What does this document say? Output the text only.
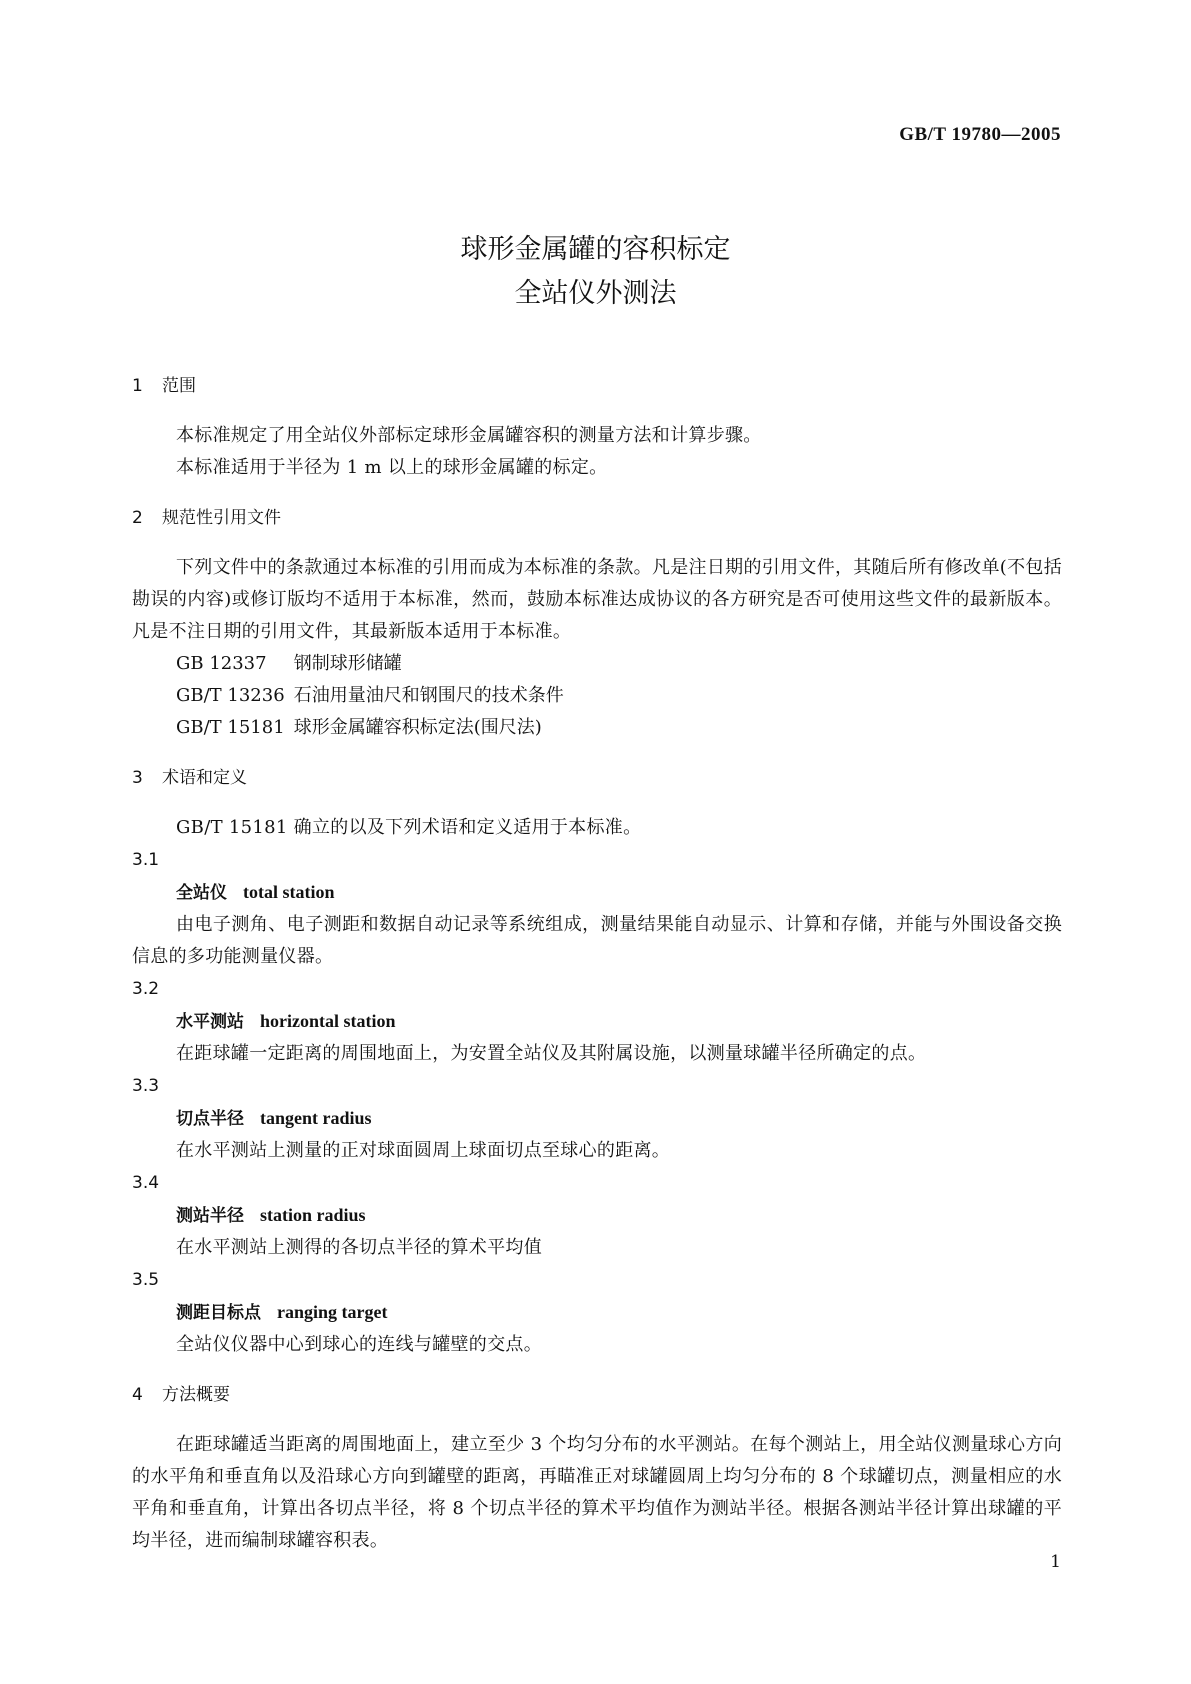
GB/T 19780—2005
球形金属罐的容积标定
全站仪外测法
1	范围
本标准规定了用全站仪外部标定球形金属罐容积的测量方法和计算步骤。
本标准适用于半径为 1 m 以上的球形金属罐的标定。
2	规范性引用文件
下列文件中的条款通过本标准的引用而成为本标准的条款。凡是注日期的引用文件，其随后所有修改单(不包括勘误的内容)或修订版均不适用于本标准，然而，鼓励本标准达成协议的各方研究是否可使用这些文件的最新版本。凡是不注日期的引用文件，其最新版本适用于本标准。
GB 12337 钢制球形储罐
GB/T 13236 石油用量油尺和钢围尺的技术条件
GB/T 15181 球形金属罐容积标定法(围尺法)
3	术语和定义
GB/T 15181 确立的以及下列术语和定义适用于本标准。
3.1
全站仪 total station
由电子测角、电子测距和数据自动记录等系统组成，测量结果能自动显示、计算和存储，并能与外围设备交换信息的多功能测量仪器。
3.2
水平测站 horizontal station
在距球罐一定距离的周围地面上，为安置全站仪及其附属设施，以测量球罐半径所确定的点。
3.3
切点半径 tangent radius
在水平测站上测量的正对球面圆周上球面切点至球心的距离。
3.4
测站半径 station radius
在水平测站上测得的各切点半径的算术平均值
3.5
测距目标点 ranging target
全站仪仪器中心到球心的连线与罐壁的交点。
4	方法概要
在距球罐适当距离的周围地面上，建立至少 3 个均匀分布的水平测站。在每个测站上，用全站仪测量球心方向的水平角和垂直角以及沿球心方向到罐壁的距离，再瞄准正对球罐圆周上均匀分布的 8 个球罐切点，测量相应的水平角和垂直角，计算出各切点半径，将 8 个切点半径的算术平均值作为测站半径。根据各测站半径计算出球罐的平均半径，进而编制球罐容积表。
1
